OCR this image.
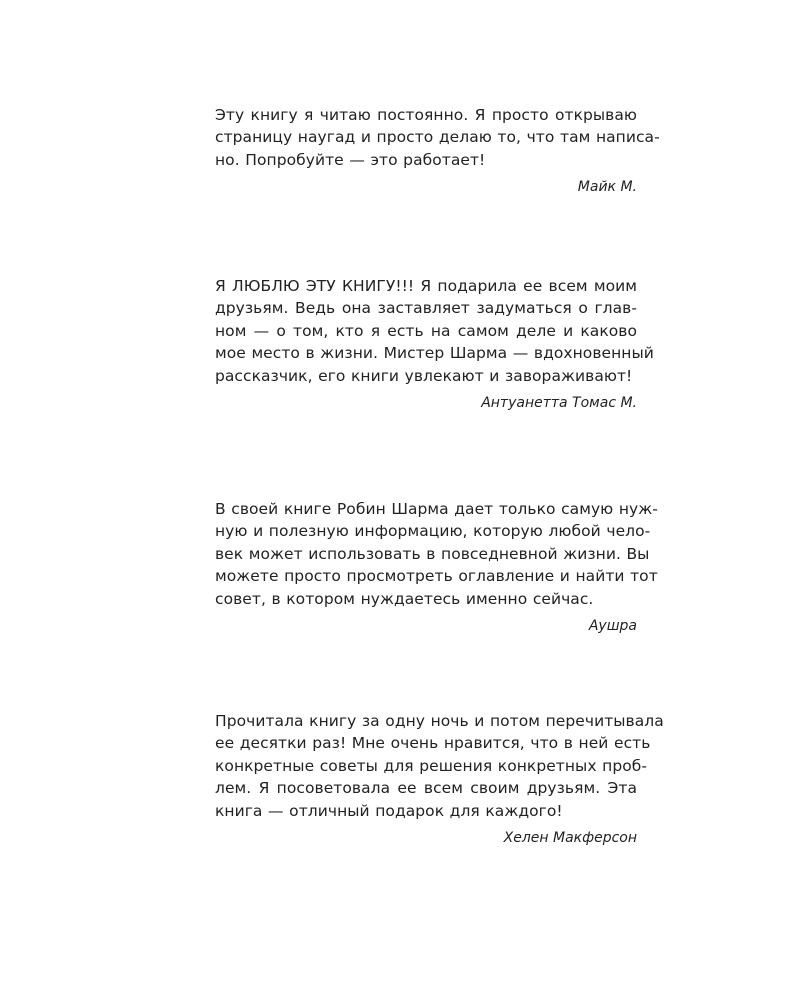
Эту книгу я читаю постоянно. Я просто открываю
страницу наугад и просто делаю то, что там написа-
но. Попробуйте — это работает!
Майк М.
Я ЛЮБЛЮ ЭТУ КНИГУ!!! Я подарила ее всем моим
друзьям. Ведь она заставляет задуматься о глав-
ном — о том, кто я есть на самом деле и каково
мое место в жизни. Мистер Шарма — вдохновенный
рассказчик, его книги увлекают и завораживают!
Антуанетта Томас М.
В своей книге Робин Шарма дает только самую нуж-
ную и полезную информацию, которую любой чело-
век может использовать в повседневной жизни. Вы
можете просто просмотреть оглавление и найти тот
совет, в котором нуждаетесь именно сейчас.
Аушра
Прочитала книгу за одну ночь и потом перечитывала
ее десятки раз! Мне очень нравится, что в ней есть
конкретные советы для решения конкретных проб-
лем. Я посоветовала ее всем своим друзьям. Эта
книга — отличный подарок для каждого!
Хелен Макферсон
